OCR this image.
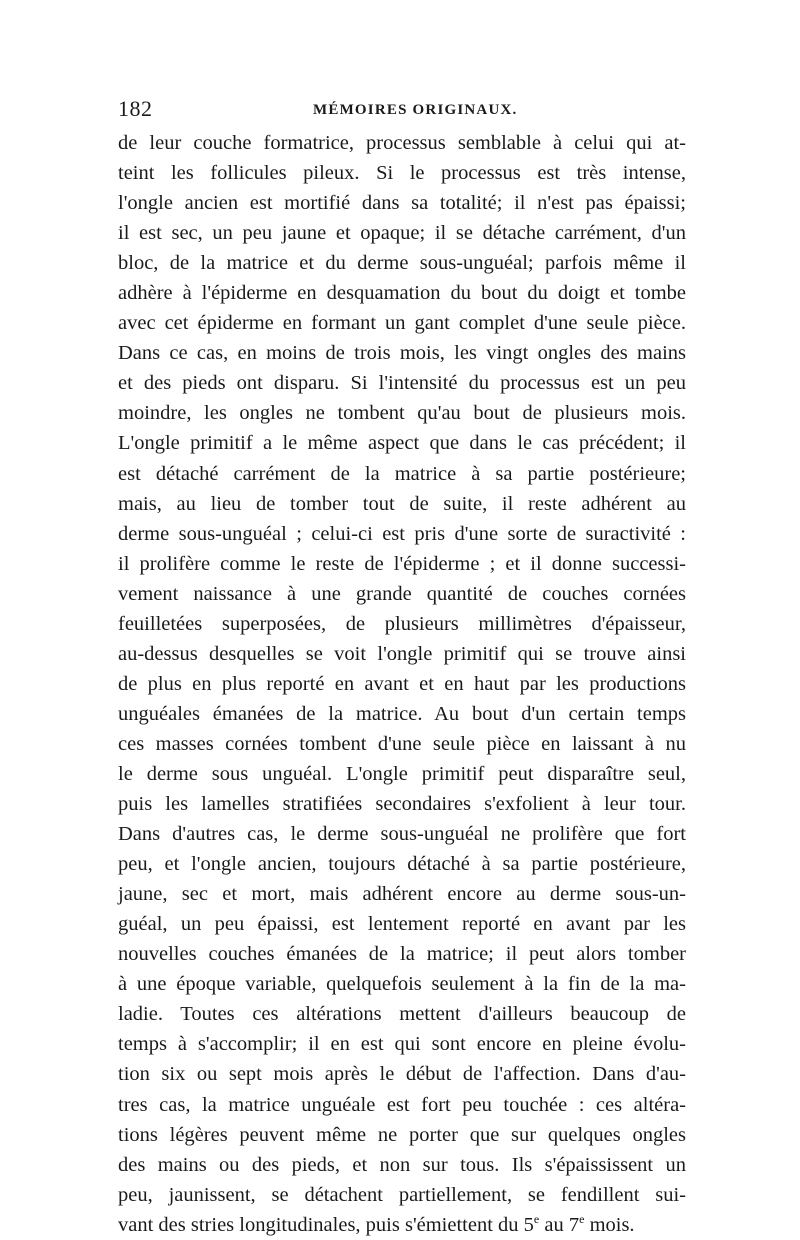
182	MÉMOIRES ORIGINAUX.
de leur couche formatrice, processus semblable à celui qui at-
teint les follicules pileux. Si le processus est très intense,
l'ongle ancien est mortifié dans sa totalité; il n'est pas épaissi;
il est sec, un peu jaune et opaque; il se détache carrément, d'un
bloc, de la matrice et du derme sous-unguéal; parfois même il
adhère à l'épiderme en desquamation du bout du doigt et tombe
avec cet épiderme en formant un gant complet d'une seule pièce.
Dans ce cas, en moins de trois mois, les vingt ongles des mains
et des pieds ont disparu. Si l'intensité du processus est un peu
moindre, les ongles ne tombent qu'au bout de plusieurs mois.
L'ongle primitif a le même aspect que dans le cas précédent; il
est détaché carrément de la matrice à sa partie postérieure;
mais, au lieu de tomber tout de suite, il reste adhérent au
derme sous-unguéal ; celui-ci est pris d'une sorte de suractivité :
il prolifère comme le reste de l'épiderme ; et il donne successi-
vement naissance à une grande quantité de couches cornées
feuilletées superposées, de plusieurs millimètres d'épaisseur,
au-dessus desquelles se voit l'ongle primitif qui se trouve ainsi
de plus en plus reporté en avant et en haut par les productions
unguéales émanées de la matrice. Au bout d'un certain temps
ces masses cornées tombent d'une seule pièce en laissant à nu
le derme sous unguéal. L'ongle primitif peut disparaître seul,
puis les lamelles stratifiées secondaires s'exfolient à leur tour.
Dans d'autres cas, le derme sous-unguéal ne prolifère que fort
peu, et l'ongle ancien, toujours détaché à sa partie postérieure,
jaune, sec et mort, mais adhérent encore au derme sous-un-
guéal, un peu épaissi, est lentement reporté en avant par les
nouvelles couches émanées de la matrice; il peut alors tomber
à une époque variable, quelquefois seulement à la fin de la ma-
ladie. Toutes ces altérations mettent d'ailleurs beaucoup de
temps à s'accomplir; il en est qui sont encore en pleine évolu-
tion six ou sept mois après le début de l'affection. Dans d'au-
tres cas, la matrice unguéale est fort peu touchée : ces altéra-
tions légères peuvent même ne porter que sur quelques ongles
des mains ou des pieds, et non sur tous. Ils s'épaississent un
peu, jaunissent, se détachent partiellement, se fendillent sui-
vant des stries longitudinales, puis s'émiettent du 5e au 7e mois.
